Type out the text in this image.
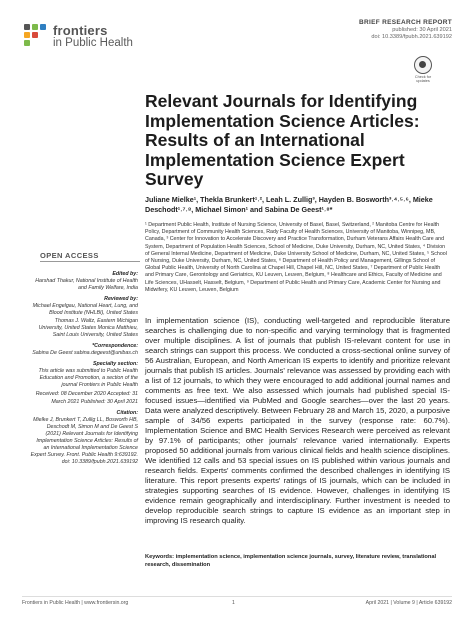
frontiers
in Public Health
BRIEF RESEARCH REPORT
published: 30 April 2021
doi: 10.3389/fpubh.2021.639192
Check for updates
Relevant Journals for Identifying Implementation Science Articles: Results of an International Implementation Science Expert Survey
Juliane Mielke¹, Thekla Brunkert¹˒², Leah L. Zullig³, Hayden B. Bosworth³˒⁴˒⁵˒⁶, Mieke Deschodt¹˒⁷˒⁸, Michael Simon¹ and Sabina De Geest¹˒⁸*

¹ Department Public Health, Institute of Nursing Science, University of Basel, Basel, Switzerland, ² Manitoba Centre for Health Policy, Department of Community Health Sciences, Rady Faculty of Health Sciences, University of Manitoba, Winnipeg, MB, Canada, ³ Center for Innovation to Accelerate Discovery and Practice Transformation, Durham Veterans Affairs Health Care and System, Department of Population Health Sciences, School of Medicine, Duke University, Durham, NC, United States, ⁴ Division of General Internal Medicine, Department of Medicine, Duke University School of Medicine, Durham, NC, United States, ⁵ School of Nursing, Duke University, Durham, NC, United States, ⁶ Department of Health Policy and Management, Gillings School of Global Public Health, University of North Carolina at Chapel Hill, Chapel Hill, NC, United States, ⁷ Department of Public Health and Primary Care, Gerontology and Geriatrics, KU Leuven, Leuven, Belgium, ⁸ Healthcare and Ethics, Faculty of Medicine and Life Sciences, UHasselt, Hasselt, Belgium, ⁹ Department of Public Health and Primary Care, Academic Center for Nursing and Midwifery, KU Leuven, Leuven, Belgium

OPEN ACCESS
Edited by:
Harshad Thakur, National Institute of Health and Family Welfare, India
Reviewed by:
Michael Engelgau, National Heart, Lung, and Blood Institute (NHLBI), United States Thomas J. Waltz, Eastern Michigan University, United States Monica Matthieu, Saint Louis University, United States
*Correspondence:
Sabina De Geest sabina.degeest@unibas.ch
Specialty section:
This article was submitted to Public Health Education and Promotion, a section of the journal Frontiers in Public Health
Received: 08 December 2020 Accepted: 31 March 2021 Published: 30 April 2021
Citation:
Mielke J, Brunkert T, Zullig LL, Bosworth HB, Deschodt M, Simon M and De Geest S (2021) Relevant Journals for Identifying Implementation Science Articles: Results of an International Implementation Science Expert Survey. Front. Public Health 9:639192. doi: 10.3389/fpubh.2021.639192
In implementation science (IS), conducting well-targeted and reproducible literature searches is challenging due to non-specific and varying terminology that is fragmented over multiple disciplines. A list of journals that publish IS-relevant content for use in search strings can support this process. We conducted a cross-sectional online survey of 56 Australian, European, and North American IS experts to identify and prioritize relevant journals that publish IS articles. Journals' relevance was assessed by providing each with a list of 12 journals, to which they were encouraged to add additional journal names and comments as free text. We also assessed which journals had published special IS-focused issues—identified via PubMed and Google searches—over the last 20 years. Data were analyzed descriptively. Between February 28 and March 15, 2020, a purposive sample of 34/56 experts participated in the survey (response rate: 60.7%). Implementation Science and BMC Health Services Research were perceived as relevant by 97.1% of participants; other journals' relevance varied internationally. Experts proposed 50 additional journals from various clinical fields and health science disciplines. We identified 12 calls and 53 special issues on IS published within various journals and research fields. Experts' comments confirmed the described challenges in identifying IS literature. This report presents experts' ratings of IS journals, which can be included in strategies supporting searches of IS evidence. However, challenges in identifying IS evidence remain geographically and interdisciplinary. Further investment is needed to develop reproducible search strings to capture IS evidence as an important step in improving IS research quality.
Keywords: implementation science, implementation science journals, survey, literature review, translational research, dissemination
Frontiers in Public Health | www.frontiersin.org	1	April 2021 | Volume 9 | Article 639192
